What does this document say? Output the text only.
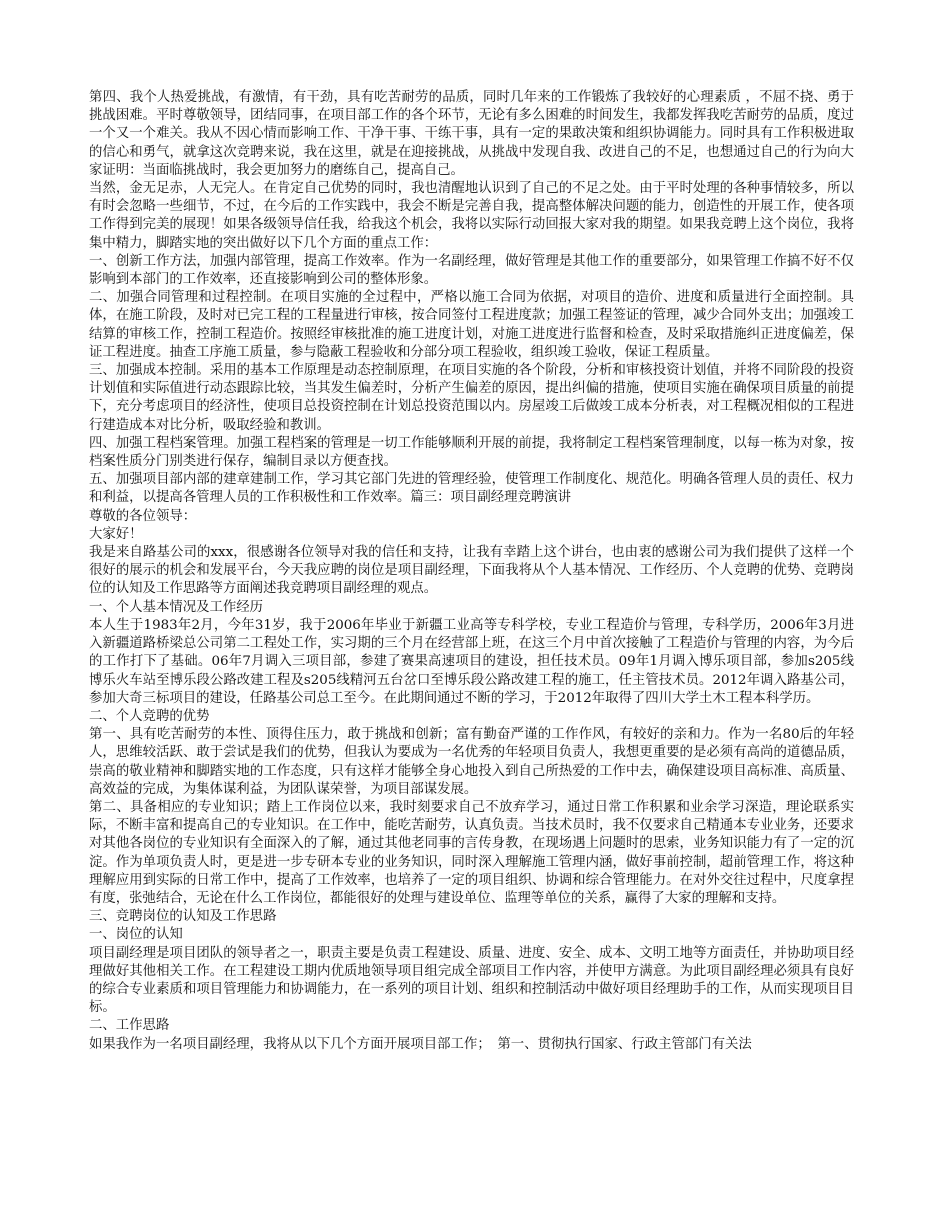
第四、我个人热爱挑战，有激情，有干劲，具有吃苦耐劳的品质，同时几年来的工作锻炼了我较好的心理素质 ，不屈不挠、勇于挑战困难。平时尊敬领导，团结同事，在项目部工作的各个环节，无论有多么困难的时间发生，我都发挥我吃苦耐劳的品质，度过一个又一个难关。我从不因心情而影响工作、干净干事、干练干事，具有一定的果敢决策和组织协调能力。同时具有工作积极进取的信心和勇气，就拿这次竞聘来说，我在这里，就是在迎接挑战，从挑战中发现自我、改进自己的不足，也想通过自己的行为向大家证明：当面临挑战时，我会更加努力的磨练自己，提高自己。

当然，金无足赤，人无完人。在肯定自己优势的同时，我也清醒地认识到了自己的不足之处。由于平时处理的各种事情较多，所以有时会忽略一些细节，不过，在今后的工作实践中，我会不断是完善自我，提高整体解决问题的能力，创造性的开展工作，使各项工作得到完美的展现！如果各级领导信任我，给我这个机会，我将以实际行动回报大家对我的期望。如果我竞聘上这个岗位，我将集中精力，脚踏实地的突出做好以下几个方面的重点工作：

一、创新工作方法，加强内部管理，提高工作效率。作为一名副经理，做好管理是其他工作的重要部分，如果管理工作搞不好不仅影响到本部门的工作效率，还直接影响到公司的整体形象。

二、加强合同管理和过程控制。在项目实施的全过程中，严格以施工合同为依据，对项目的造价、进度和质量进行全面控制。具体，在施工阶段，及时对已完工程的工程量进行审核，按合同签付工程进度款；加强工程签证的管理，减少合同外支出；加强竣工结算的审核工作，控制工程造价。按照经审核批准的施工进度计划，对施工进度进行监督和检查，及时采取措施纠正进度偏差，保证工程进度。抽查工序施工质量，参与隐蔽工程验收和分部分项工程验收，组织竣工验收，保证工程质量。

三、加强成本控制。采用的基本工作原理是动态控制原理，在项目实施的各个阶段，分析和审核投资计划值，并将不同阶段的投资计划值和实际值进行动态跟踪比较，当其发生偏差时，分析产生偏差的原因，提出纠偏的措施，使项目实施在确保项目质量的前提下，充分考虑项目的经济性，使项目总投资控制在计划总投资范围以内。房屋竣工后做竣工成本分析表，对工程概况相似的工程进行建造成本对比分析，吸取经验和教训。

四、加强工程档案管理。加强工程档案的管理是一切工作能够顺利开展的前提，我将制定工程档案管理制度，以每一栋为对象，按档案性质分门别类进行保存，编制目录以方便查找。

五、加强项目部内部的建章建制工作，学习其它部门先进的管理经验，使管理工作制度化、规范化。明确各管理人员的责任、权力和利益，以提高各管理人员的工作积极性和工作效率。篇三：项目副经理竞聘演讲

尊敬的各位领导：

大家好！

我是来自路基公司的xxx，很感谢各位领导对我的信任和支持，让我有幸踏上这个讲台，也由衷的感谢公司为我们提供了这样一个很好的展示的机会和发展平台，今天我应聘的岗位是项目副经理，下面我将从个人基本情况、工作经历、个人竞聘的优势、竞聘岗位的认知及工作思路等方面阐述我竞聘项目副经理的观点。

一、个人基本情况及工作经历

本人生于1983年2月，今年31岁，我于2006年毕业于新疆工业高等专科学校，专业工程造价与管理，专科学历，2006年3月进入新疆道路桥梁总公司第二工程处工作，实习期的三个月在经营部上班，在这三个月中首次接触了工程造价与管理的内容，为今后的工作打下了基础。06年7月调入三项目部，参建了赛果高速项目的建设，担任技术员。09年1月调入博乐项目部，参加s205线博乐火车站至博乐段公路改建工程及s205线精河五台岔口至博乐段公路改建工程的施工，任主管技术员。2012年调入路基公司，参加大奇三标项目的建设，任路基公司总工至今。在此期间通过不断的学习，于2012年取得了四川大学土木工程本科学历。

二、个人竞聘的优势

第一、具有吃苦耐劳的本性、顶得住压力，敢于挑战和创新；富有勤奋严谨的工作作风，有较好的亲和力。作为一名80后的年轻人，思维较活跃、敢于尝试是我们的优势，但我认为要成为一名优秀的年轻项目负责人，我想更重要的是必须有高尚的道德品质，崇高的敬业精神和脚踏实地的工作态度，只有这样才能够全身心地投入到自己所热爱的工作中去，确保建设项目高标准、高质量、高效益的完成，为集体谋利益，为团队谋荣誉，为项目部谋发展。

第二、具备相应的专业知识；踏上工作岗位以来，我时刻要求自己不放弃学习，通过日常工作积累和业余学习深造，理论联系实际，不断丰富和提高自己的专业知识。在工作中，能吃苦耐劳，认真负责。当技术员时，我不仅要求自己精通本专业业务，还要求对其他各岗位的专业知识有全面深入的了解，通过其他老同事的言传身教，在现场遇上问题时的思索，业务知识能力有了一定的沉淀。作为单项负责人时，更是进一步专研本专业的业务知识，同时深入理解施工管理内涵，做好事前控制，超前管理工作，将这种理解应用到实际的日常工作中，提高了工作效率，也培养了一定的项目组织、协调和综合管理能力。在对外交往过程中，尺度拿捏有度，张弛结合，无论在什么工作岗位，都能很好的处理与建设单位、监理等单位的关系，赢得了大家的理解和支持。

三、竞聘岗位的认知及工作思路

一、岗位的认知

项目副经理是项目团队的领导者之一，职责主要是负责工程建设、质量、进度、安全、成本、文明工地等方面责任，并协助项目经理做好其他相关工作。在工程建设工期内优质地领导项目组完成全部项目工作内容，并使甲方满意。为此项目副经理必须具有良好的综合专业素质和项目管理能力和协调能力，在一系列的项目计划、组织和控制活动中做好项目经理助手的工作，从而实现项目目标。

二、工作思路

如果我作为一名项目副经理，我将从以下几个方面开展项目部工作；　第一、贯彻执行国家、行政主管部门有关法
